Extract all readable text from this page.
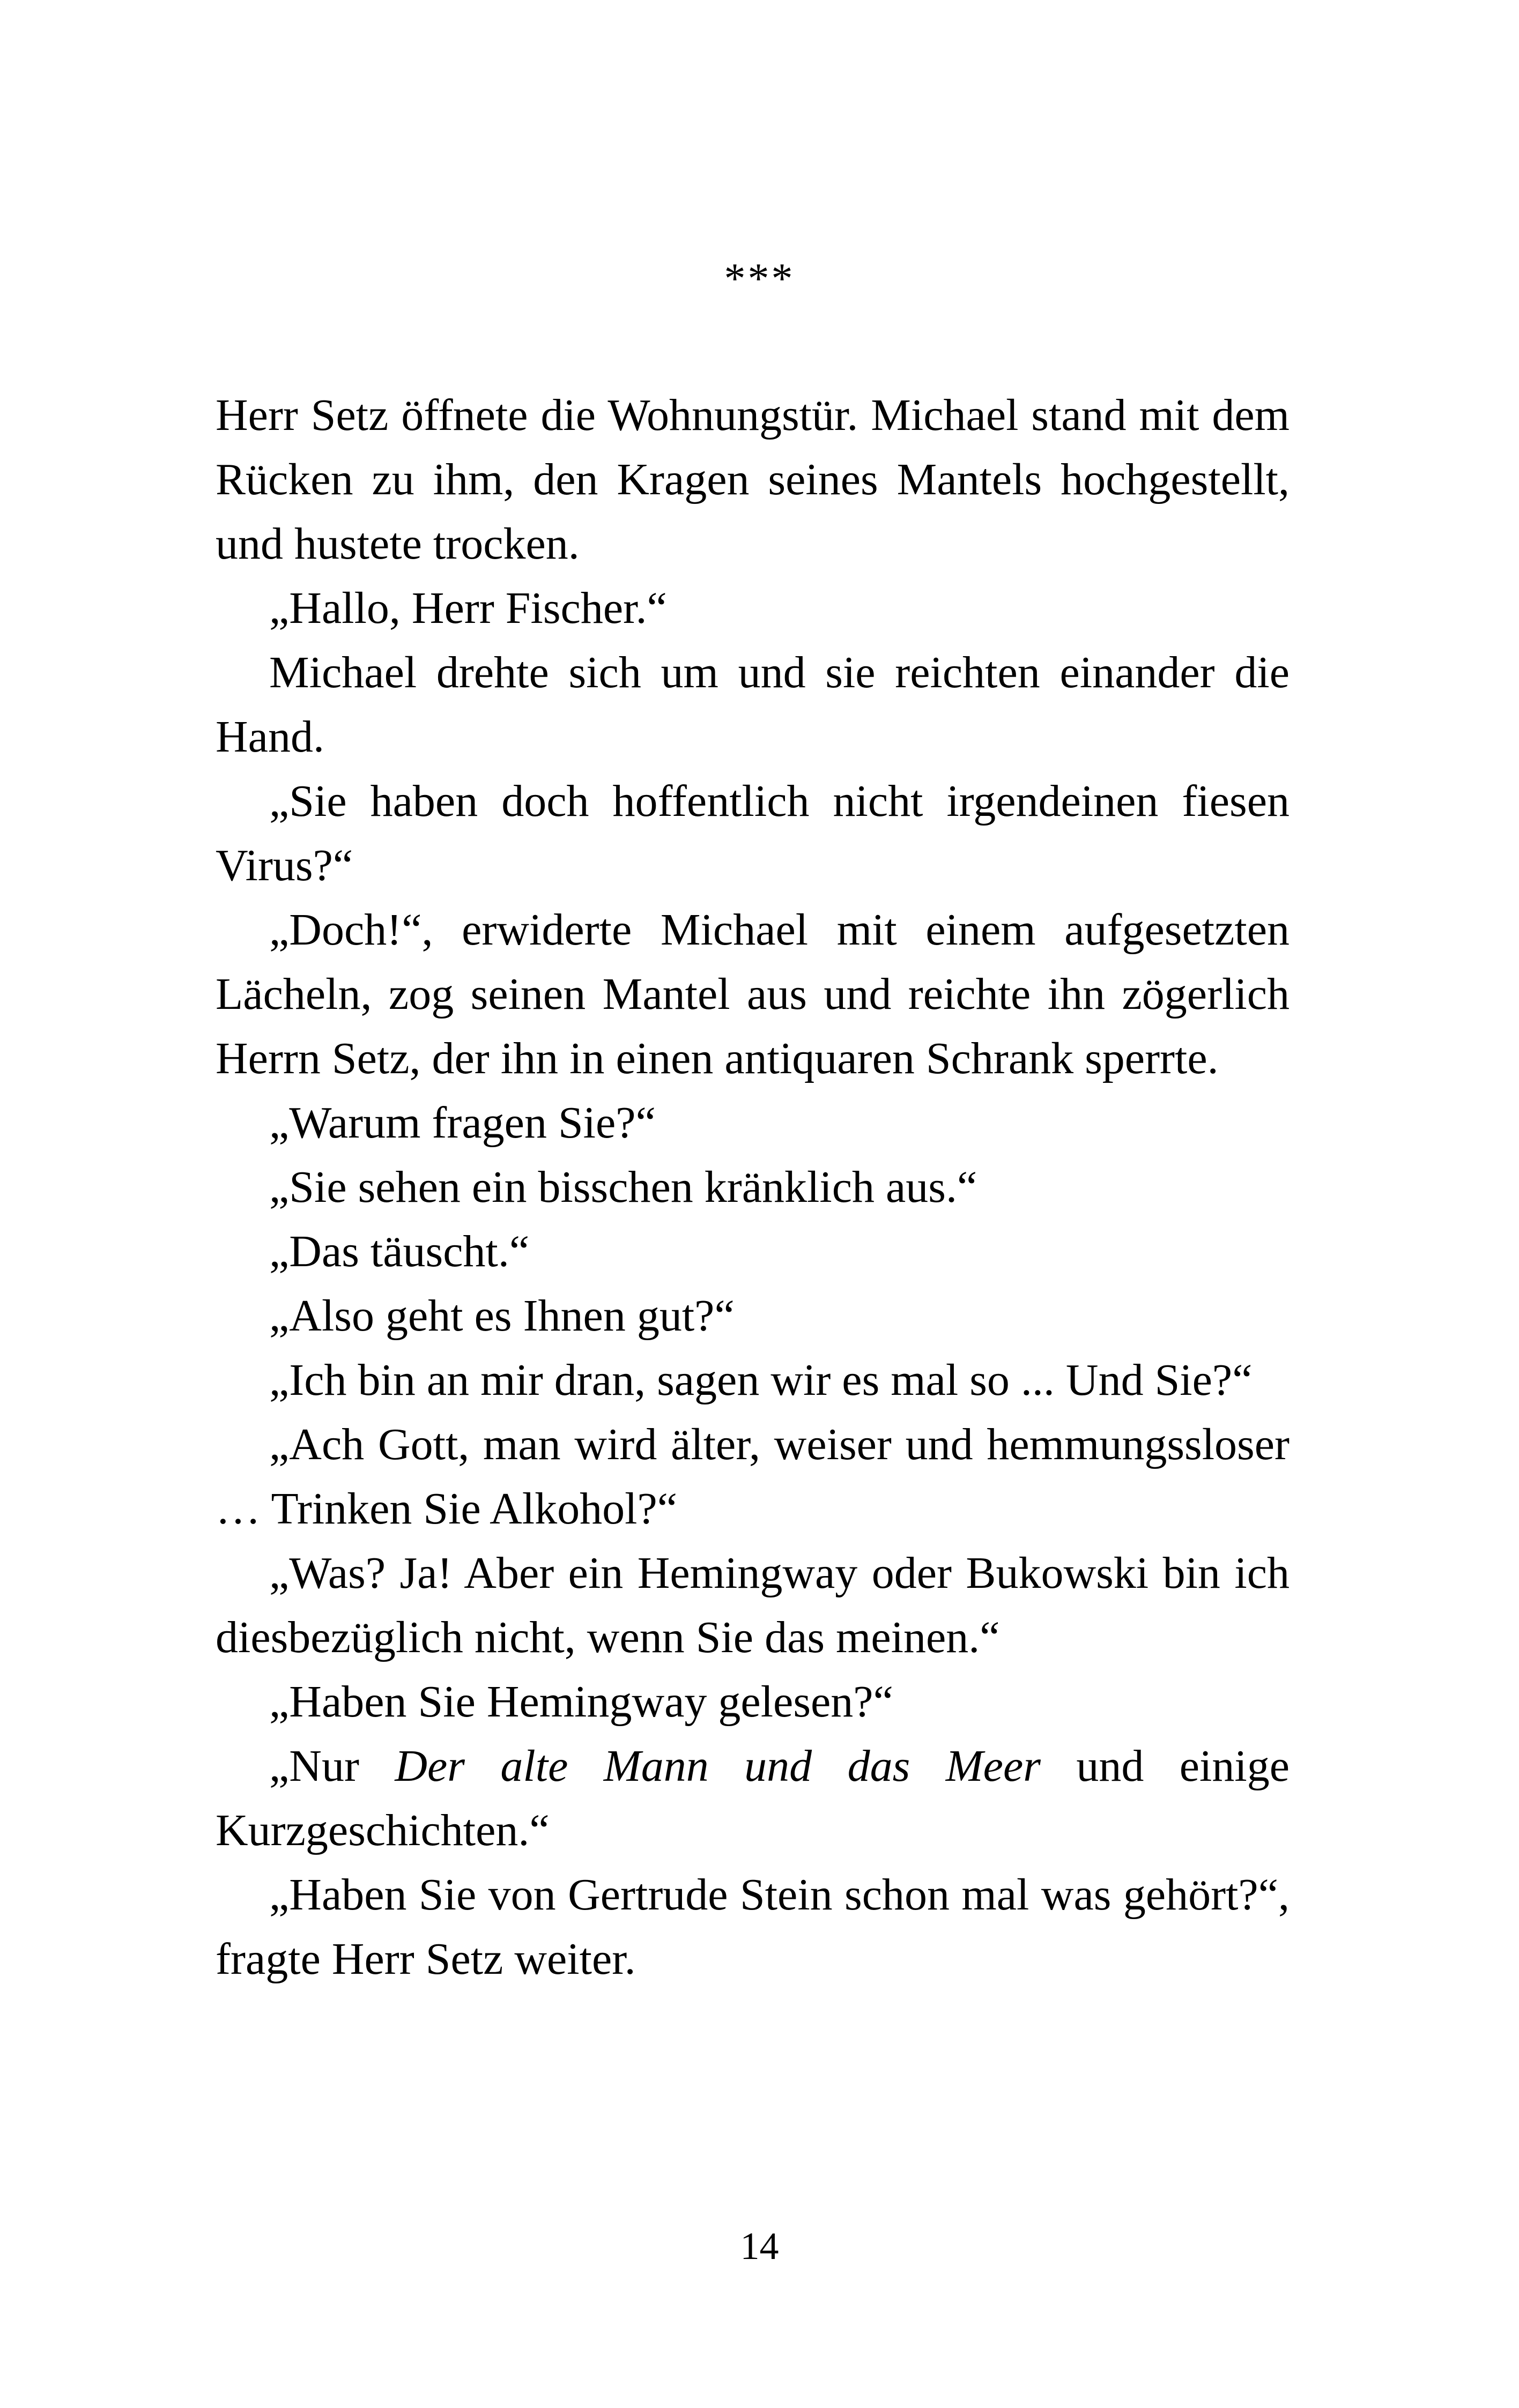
***

Herr Setz öffnete die Wohnungstür. Michael stand mit dem Rücken zu ihm, den Kragen seines Mantels hochgestellt, und hustete trocken.

„Hallo, Herr Fischer.“

Michael drehte sich um und sie reichten einander die Hand.

„Sie haben doch hoffentlich nicht irgendeinen fiesen Virus?“

„Doch!“, erwiderte Michael mit einem aufgesetzten Lächeln, zog seinen Mantel aus und reichte ihn zögerlich Herrn Setz, der ihn in einen antiquaren Schrank sperrte.

„Warum fragen Sie?“

„Sie sehen ein bisschen kränklich aus.“

„Das täuscht.“

„Also geht es Ihnen gut?“

„Ich bin an mir dran, sagen wir es mal so ... Und Sie?“

„Ach Gott, man wird älter, weiser und hemmungssloser … Trinken Sie Alkohol?“

„Was? Ja! Aber ein Hemingway oder Bukowski bin ich diesbezüglich nicht, wenn Sie das meinen.“

„Haben Sie Hemingway gelesen?“

„Nur Der alte Mann und das Meer und einige Kurzgeschichten.“

„Haben Sie von Gertrude Stein schon mal was gehört?“, fragte Herr Setz weiter.

14
